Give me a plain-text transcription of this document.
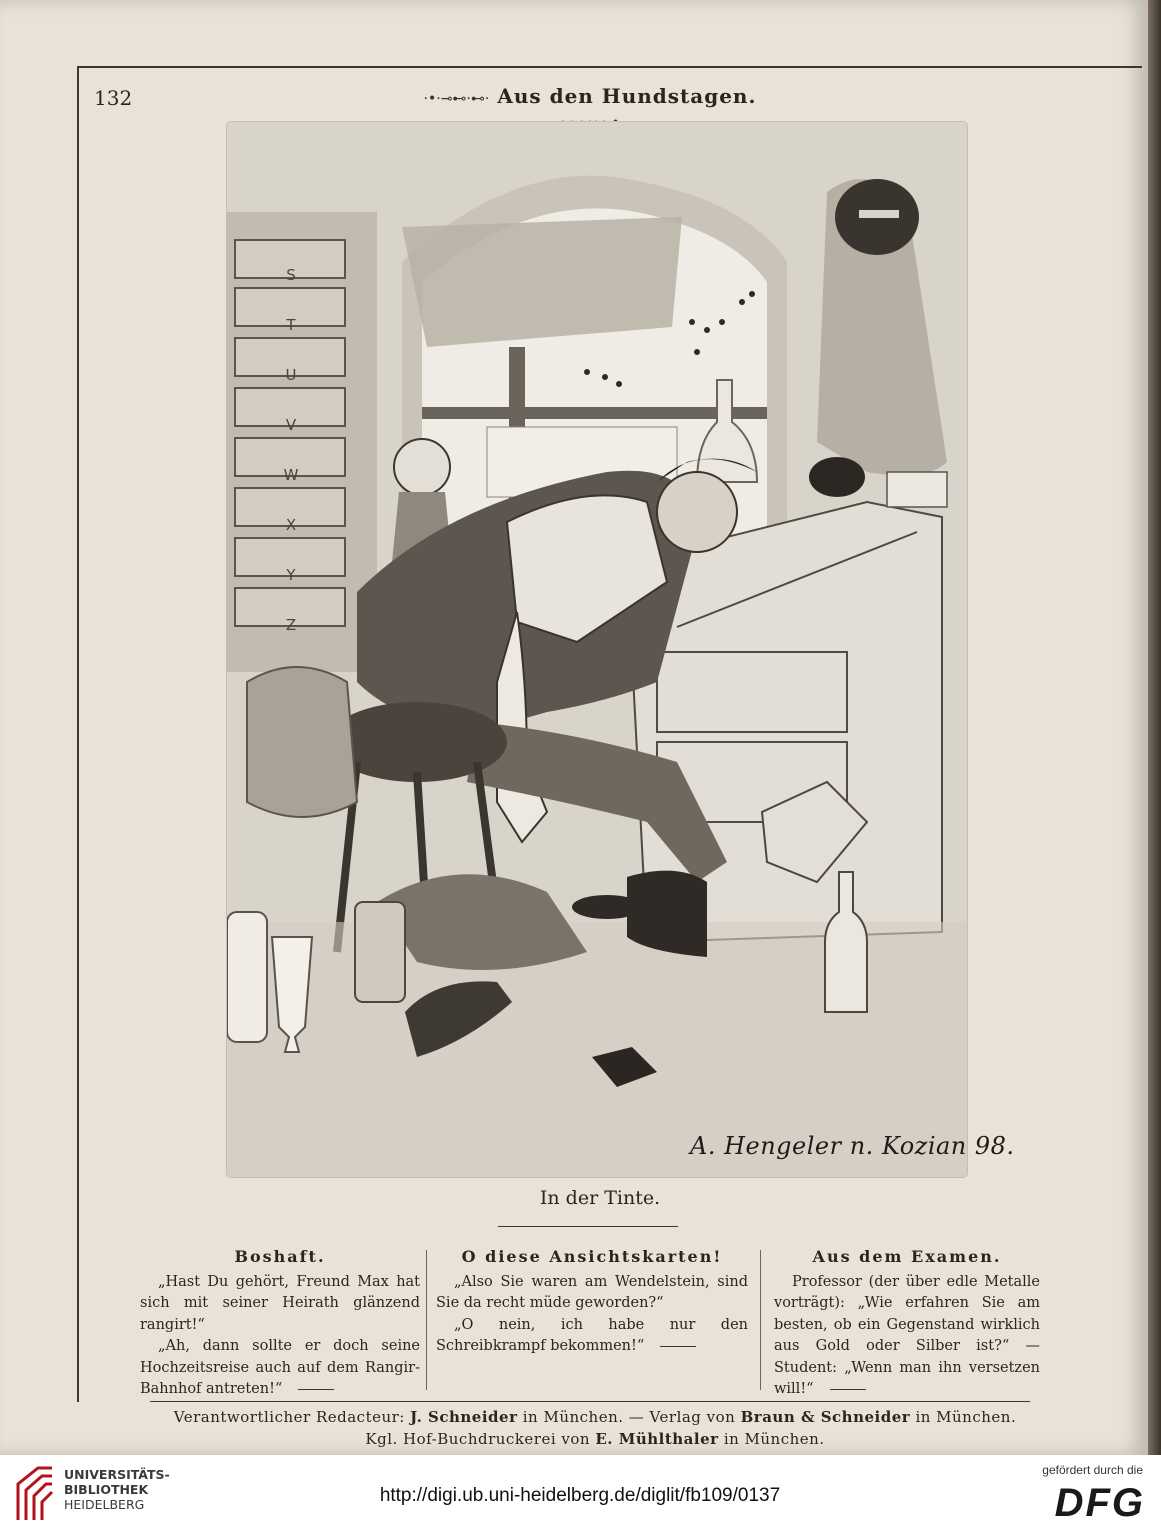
132	·•·⊸⊷·⊷· Aus den Hundstagen.
S
T
U
V
W
X
Y
Z
A. Hengeler n. Kozian 98.
In der Tinte.
Boshaft.

„Hast Du gehört, Freund Max hat sich mit seiner Heirath glänzend rangirt!“

„Ah, dann sollte er doch seine Hochzeitsreise auch auf dem Rangir-Bahnhof antreten!“

O diese Ansichtskarten!

„Also Sie waren am Wendelstein, sind Sie da recht müde geworden?“

„O nein, ich habe nur den Schreibkrampf bekommen!“

Aus dem Examen.

Professor (der über edle Metalle vorträgt): „Wie erfahren Sie am besten, ob ein Gegenstand wirklich aus Gold oder Silber ist?“ — Student: „Wenn man ihn versetzen will!“

Verantwortlicher Redacteur: J. Schneider in München. — Verlag von Braun & Schneider in München.
Kgl. Hof-Buchdruckerei von E. Mühlthaler in München.
UNIVERSITÄTS-
BIBLIOTHEK
HEIDELBERG	http://digi.ub.uni-heidelberg.de/diglit/fb109/0137
gefördert durch die
DFG
